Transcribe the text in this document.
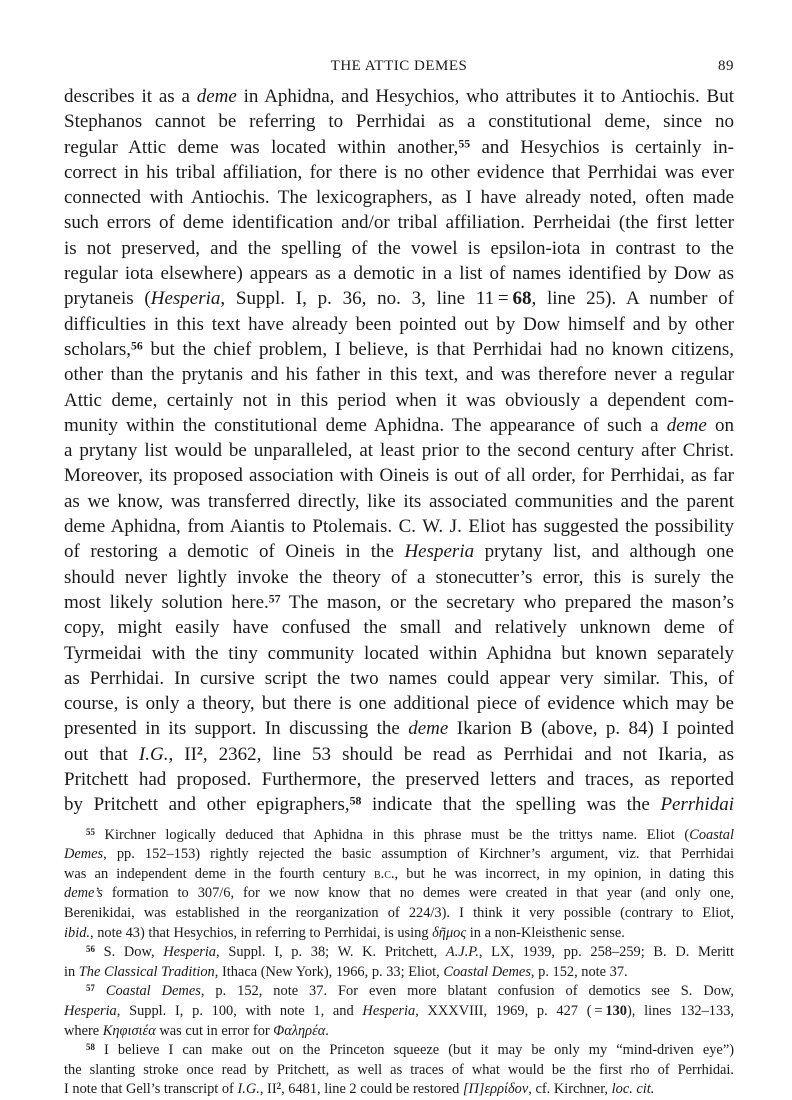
THE ATTIC DEMES	89
describes it as a deme in Aphidna, and Hesychios, who attributes it to Antiochis. But
Stephanos cannot be referring to Perrhidai as a constitutional deme, since no
regular Attic deme was located within another,$^{55}$ and Hesychios is certainly in-
correct in his tribal affiliation, for there is no other evidence that Perrhidai was ever
connected with Antiochis. The lexicographers, as I have already noted, often made
such errors of deme identification and/or tribal affiliation. Perrheidai (the first letter
is not preserved, and the spelling of the vowel is epsilon-iota in contrast to the
regular iota elsewhere) appears as a demotic in a list of names identified by Dow as
prytaneis (Hesperia, Suppl. I, p. 36, no. 3, line 11 = 68, line 25). A number of
difficulties in this text have already been pointed out by Dow himself and by other
scholars,$^{56}$ but the chief problem, I believe, is that Perrhidai had no known citizens,
other than the prytanis and his father in this text, and was therefore never a regular
Attic deme, certainly not in this period when it was obviously a dependent com-
munity within the constitutional deme Aphidna. The appearance of such a deme on
a prytany list would be unparalleled, at least prior to the second century after Christ.
Moreover, its proposed association with Oineis is out of all order, for Perrhidai, as far
as we know, was transferred directly, like its associated communities and the parent
deme Aphidna, from Aiantis to Ptolemais. C. W. J. Eliot has suggested the possibility
of restoring a demotic of Oineis in the Hesperia prytany list, and although one
should never lightly invoke the theory of a stonecutter’s error, this is surely the
most likely solution here.$^{57}$ The mason, or the secretary who prepared the mason’s
copy, might easily have confused the small and relatively unknown deme of
Tyrmeidai with the tiny community located within Aphidna but known separately
as Perrhidai. In cursive script the two names could appear very similar. This, of
course, is only a theory, but there is one additional piece of evidence which may be
presented in its support. In discussing the deme Ikarion B (above, p. 84) I pointed
out that I.G., $II^2$, 2362, line 53 should be read as Perrhidai and not Ikaria, as
Pritchett had proposed. Furthermore, the preserved letters and traces, as reported
by Pritchett and other epigraphers,$^{58}$ indicate that the spelling was the Perrhidai
$^{55}$ Kirchner logically deduced that Aphidna in this phrase must be the trittys name. Eliot (Coastal
Demes, pp. 152–153) rightly rejected the basic assumption of Kirchner’s argument, viz. that Perrhidai
was an independent deme in the fourth century b.c., but he was incorrect, in my opinion, in dating this
deme’s formation to 307/6, for we now know that no demes were created in that year (and only one,
Berenikidai, was established in the reorganization of 224/3). I think it very possible (contrary to Eliot,
ibid., note 43) that Hesychios, in referring to Perrhidai, is using δῆμος in a non-Kleisthenic sense.
$^{56}$ S. Dow, Hesperia, Suppl. I, p. 38; W. K. Pritchett, A.J.P., LX, 1939, pp. 258–259; B. D. Meritt
in The Classical Tradition, Ithaca (New York), 1966, p. 33; Eliot, Coastal Demes, p. 152, note 37.
$^{57}$ Coastal Demes, p. 152, note 37. For even more blatant confusion of demotics see S. Dow,
Hesperia, Suppl. I, p. 100, with note 1, and Hesperia, XXXVIII, 1969, p. 427 ( = 130), lines 132–133,
where Κηφισιέα was cut in error for Φαληρέα.
$^{58}$ I believe I can make out on the Princeton squeeze (but it may be only my “mind-driven eye”)
the slanting stroke once read by Pritchett, as well as traces of what would be the first rho of Perrhidai.
I note that Gell’s transcript of I.G., $II^2$, 6481, line 2 could be restored [Π]ερρίδον, cf. Kirchner, loc. cit.
